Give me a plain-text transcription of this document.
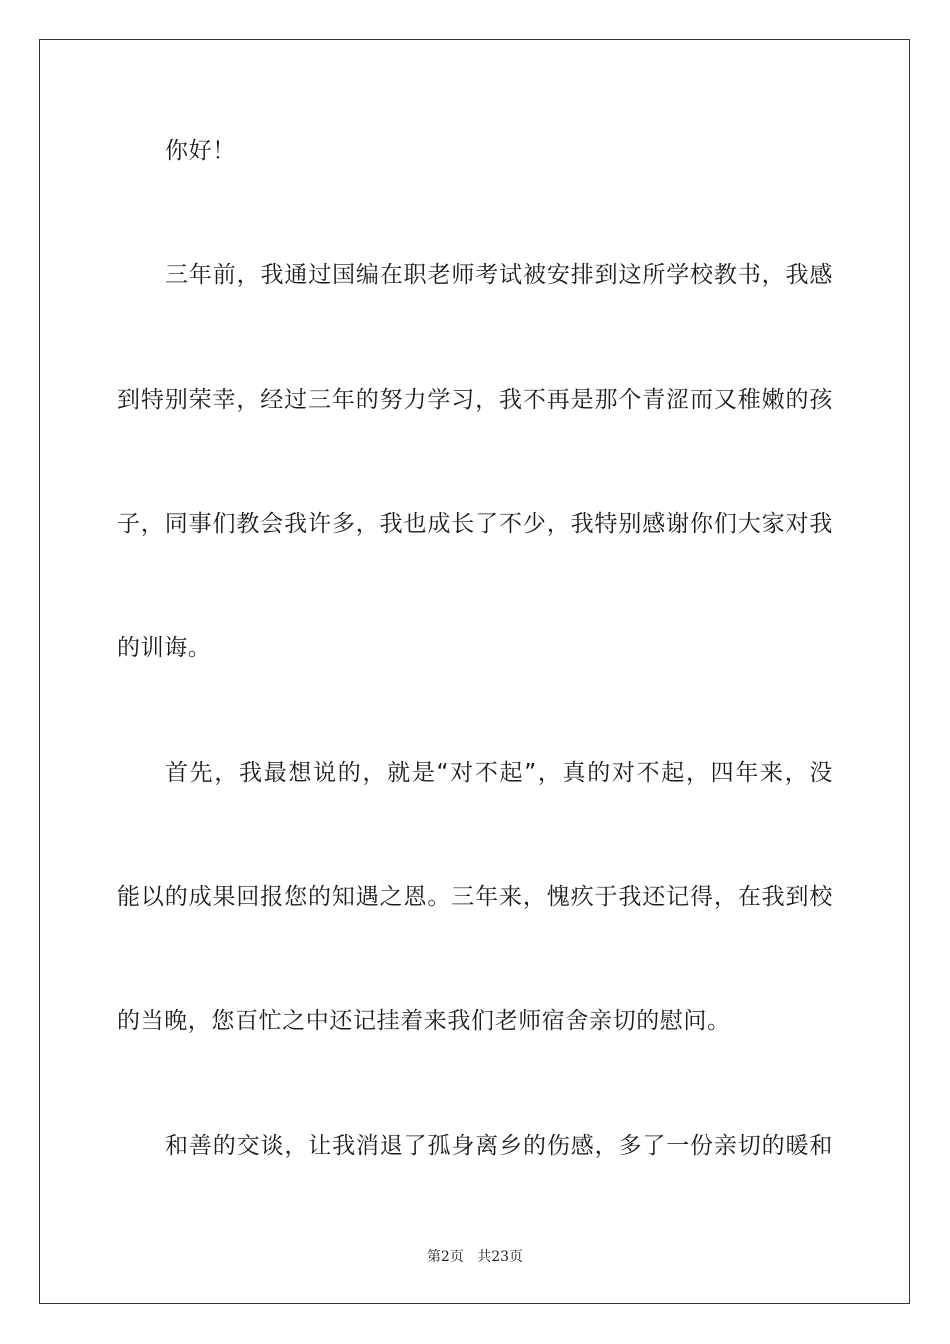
你好！
三年前，我通过国编在职老师考试被安排到这所学校教书，我感
到特别荣幸，经过三年的努力学习，我不再是那个青涩而又稚嫩的孩
子，同事们教会我许多，我也成长了不少，我特别感谢你们大家对我
的训诲。
首先，我最想说的，就是“对不起”，真的对不起，四年来，没
能以的成果回报您的知遇之恩。三年来，愧疚于我还记得，在我到校
的当晚，您百忙之中还记挂着来我们老师宿舍亲切的慰问。
和善的交谈，让我消退了孤身离乡的伤感，多了一份亲切的暖和
第2页 共23页
